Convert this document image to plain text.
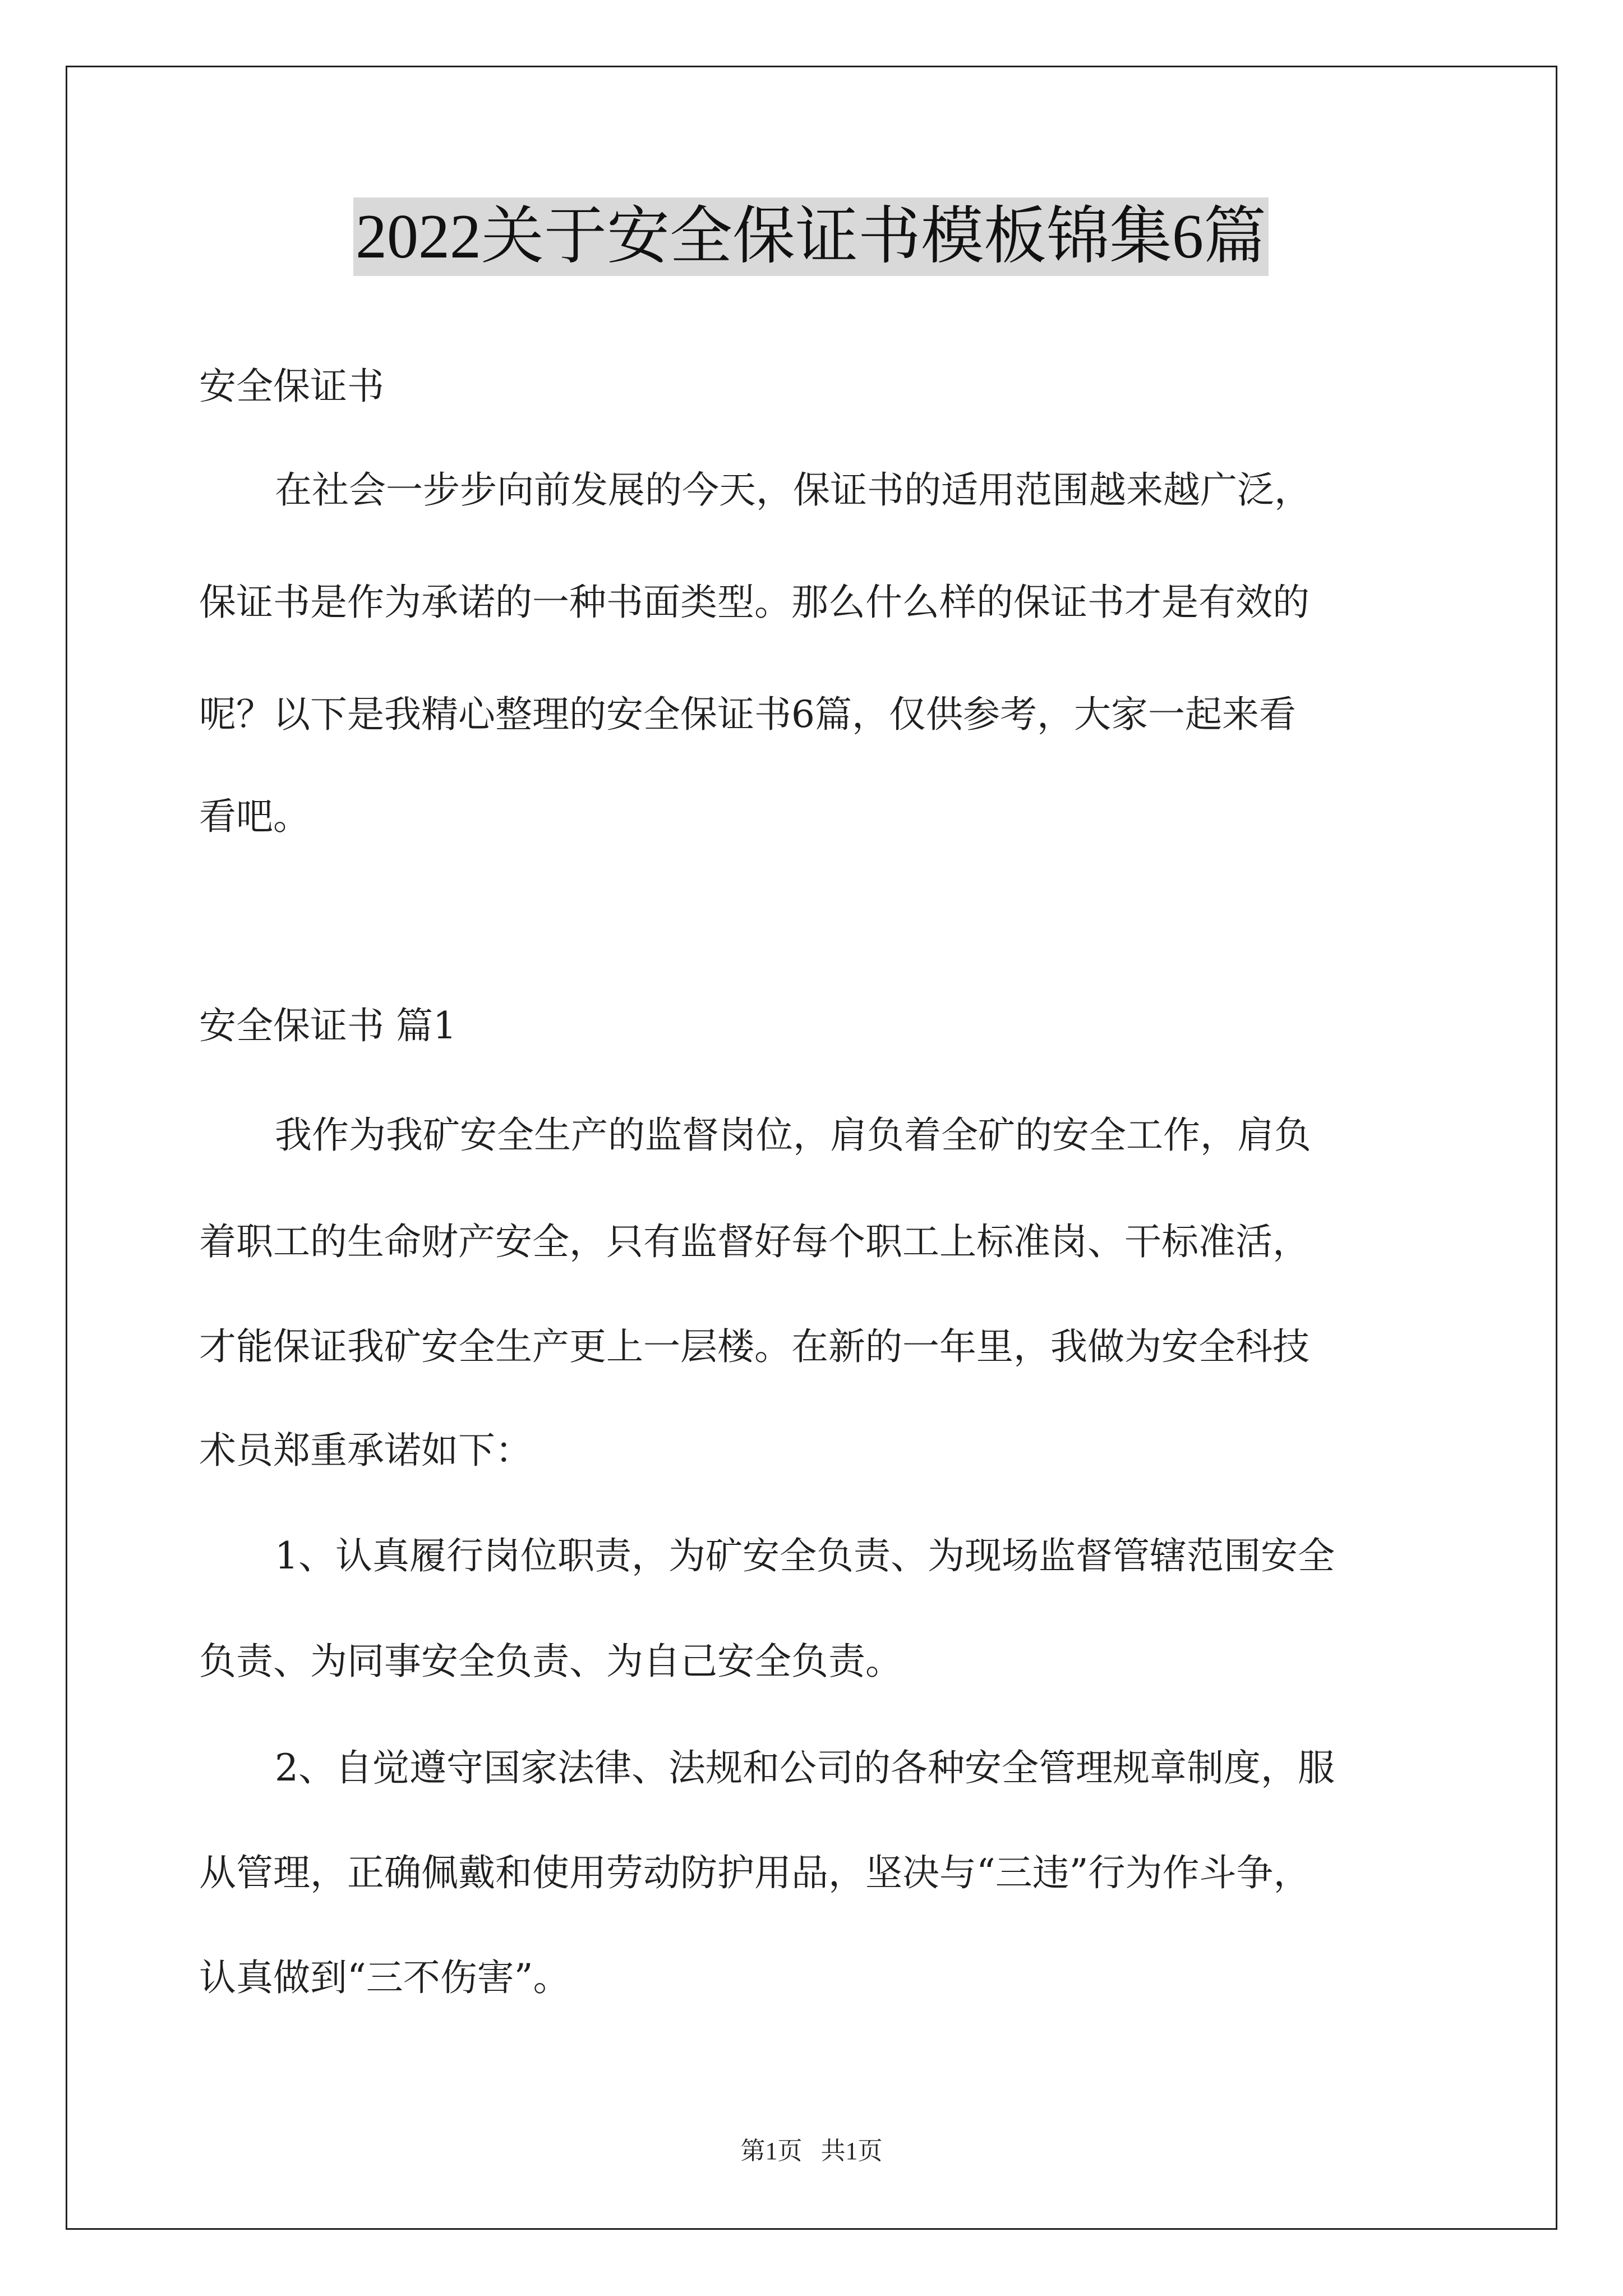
2022关于安全保证书模板锦集6篇
安全保证书
在社会一步步向前发展的今天，保证书的适用范围越来越广泛，
保证书是作为承诺的一种书面类型。那么什么样的保证书才是有效的
呢？以下是我精心整理的安全保证书6篇，仅供参考，大家一起来看
看吧。
安全保证书 篇1
我作为我矿安全生产的监督岗位，肩负着全矿的安全工作，肩负
着职工的生命财产安全，只有监督好每个职工上标准岗、干标准活，
才能保证我矿安全生产更上一层楼。在新的一年里，我做为安全科技
术员郑重承诺如下：
1、认真履行岗位职责，为矿安全负责、为现场监督管辖范围安全
负责、为同事安全负责、为自己安全负责。
2、自觉遵守国家法律、法规和公司的各种安全管理规章制度，服
从管理，正确佩戴和使用劳动防护用品，坚决与“三违”行为作斗争，
认真做到“三不伤害”。
第1页   共1页
